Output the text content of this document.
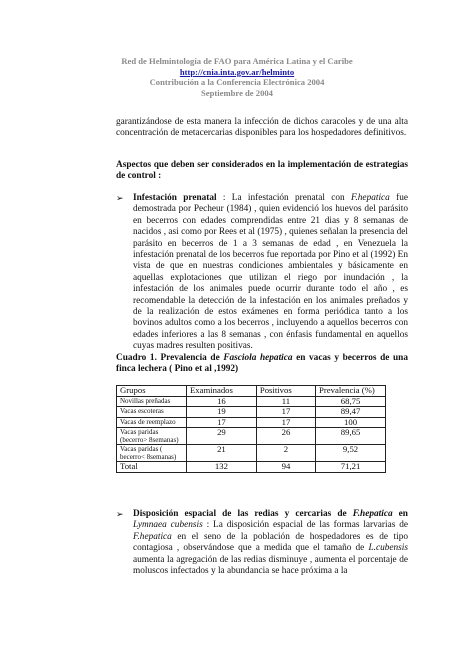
Red de Helmintología de FAO para América Latina y el Caribe
http://cnia.inta.gov.ar/helminto
Contribución a la Conferencia Electrónica 2004
Septiembre de 2004
garantizándose de esta manera la infección de dichos caracoles y de una alta concentración de metacercarias disponibles para los hospedadores definitivos.
Aspectos que deben ser considerados en la implementación de estrategias de control :
➢ Infestación prenatal : La infestación prenatal con F.hepatica fue demostrada por Pecheur (1984) , quien evidenció los huevos del parásito en becerros con edades comprendidas entre 21 dias y 8 semanas de nacidos , asi como por Rees et al (1975) , quienes señalan la presencia del parásito en becerros de 1 a 3 semanas de edad , en Venezuela la infestación prenatal de los becerros fue reportada por Pino et al (1992) En vista de que en nuestras condiciones ambientales y básicamente en aquellas explotaciones que utilizan el riego por inundación , la infestación de los animales puede ocurrir durante todo el año , es recomendable la detección de la infestación en los animales preñados y de la realización de estos exámenes en forma periódica tanto a los bovinos adultos como a los becerros , incluyendo a aquellos becerros con edades inferiores a las 8 semanas , con énfasis fundamental en aquellos cuyas madres resulten positivas.
Cuadro 1. Prevalencia de Fasciola hepatica en vacas y becerros de una finca lechera ( Pino et al ,1992)
Grupos	Examinados	Positivos	Prevalencia (%)
Novillas preñadas	16	11	68,75
Vacas escoteras	19	17	89,47
Vacas de reemplazo	17	17	100
Vacas paridas (becerro> 8semanas)	29	26	89,65
Vacas paridas ( becerro< 8semanas)	21	2	9,52
Total	132	94	71,21
➢ Disposición espacial de las redias y cercarias de F.hepatica en Lymnaea cubensis : La disposición espacial de las formas larvarias de F.hepatica en el seno de la población de hospedadores es de tipo contagiosa , observándose que a medida que el tamaño de L.cubensis aumenta la agregación de las redias disminuye , aumenta el porcentaje de moluscos infectados y la abundancia se hace próxima a la
